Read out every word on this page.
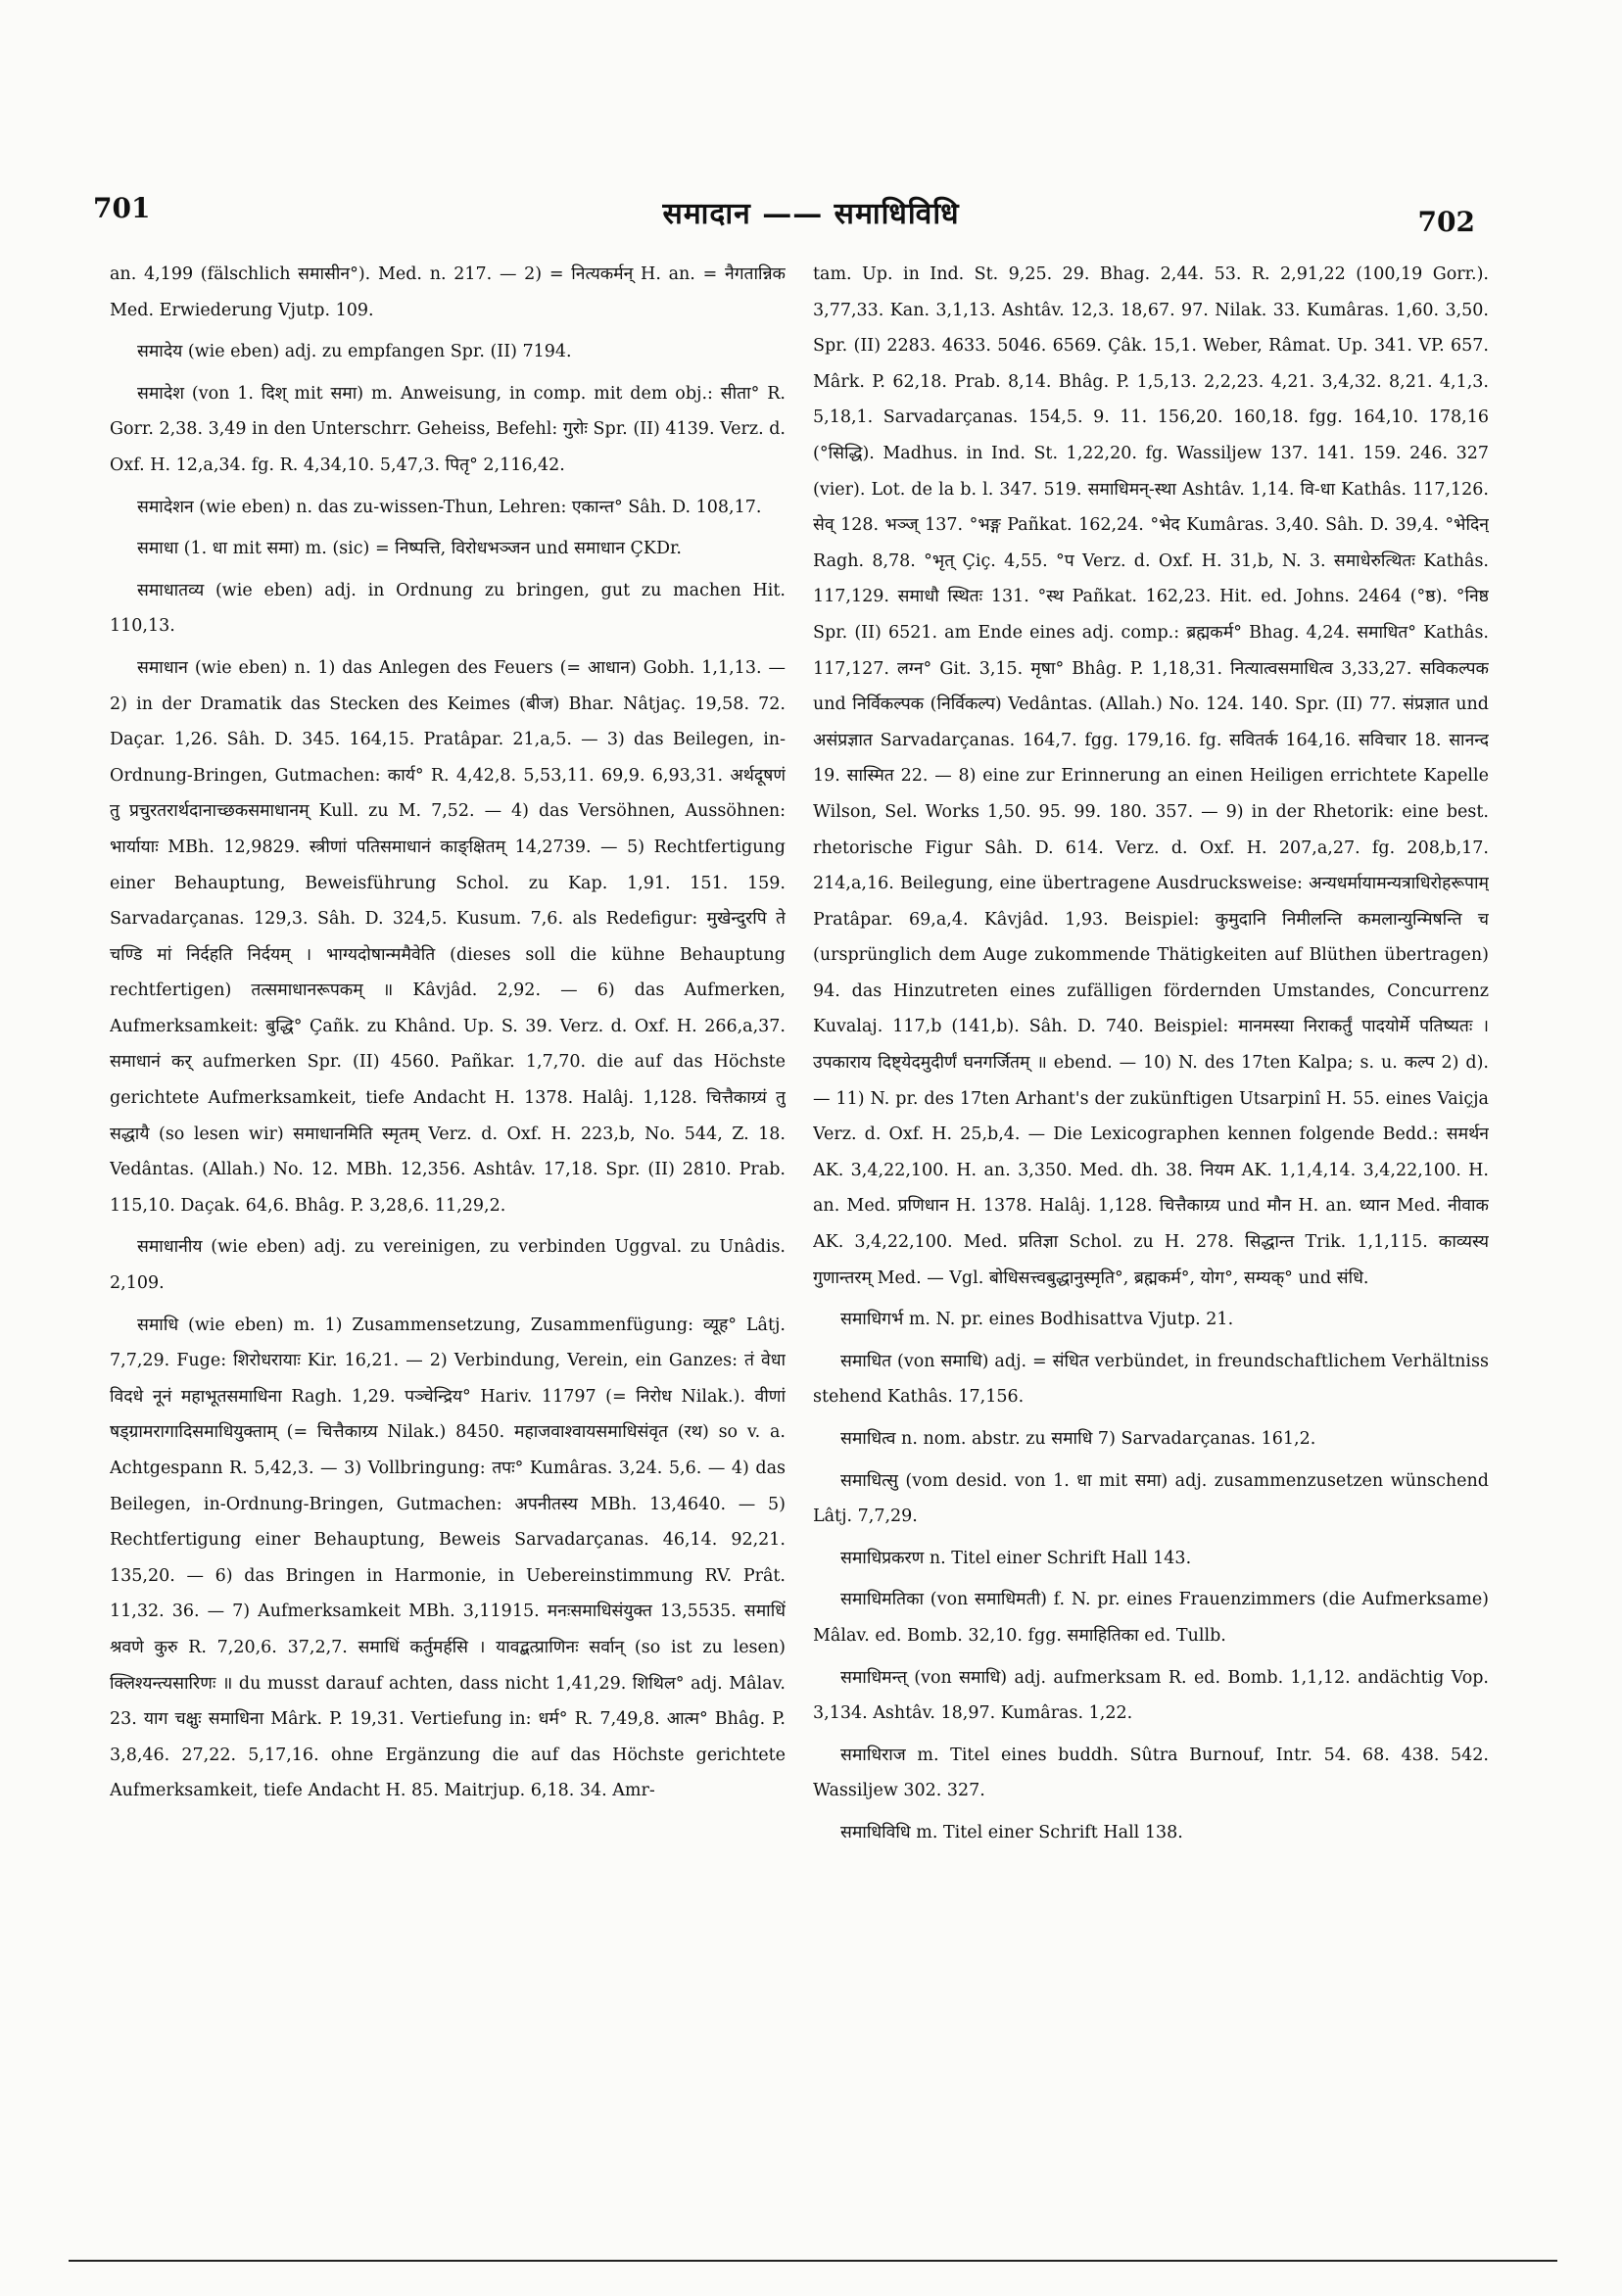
701	समादान —— समाधिविधि	702

an. 4,199 (fälschlich समासीन°). Med. n. 217. — 2) = नित्यकर्मन् H. an. = नैगतान्निक Med. Erwiederung Vjutp. 109.

समादेय (wie eben) adj. zu empfangen Spr. (II) 7194.

समादेश (von 1. दिश् mit समा) m. Anweisung, in comp. mit dem obj.: सीता° R. Gorr. 2,38. 3,49 in den Unterschrr. Geheiss, Befehl: गुरोः Spr. (II) 4139. Verz. d. Oxf. H. 12,a,34. fg. R. 4,34,10. 5,47,3. पितृ° 2,116,42.

समादेशन (wie eben) n. das zu-wissen-Thun, Lehren: एकान्त° Sâh. D. 108,17.

समाधा (1. धा mit समा) m. (sic) = निष्पत्ति, विरोधभञ्जन und समाधान ÇKDr.

समाधातव्य (wie eben) adj. in Ordnung zu bringen, gut zu machen Hit. 110,13.

समाधान (wie eben) n. 1) das Anlegen des Feuers (= आधान) Gobh. 1,1,13. — 2) in der Dramatik das Stecken des Keimes (बीज) Bhar. Nâtjaç. 19,58. 72. Daçar. 1,26. Sâh. D. 345. 164,15. Pratâpar. 21,a,5. — 3) das Beilegen, in-Ordnung-Bringen, Gutmachen: कार्य° R. 4,42,8. 5,53,11. 69,9. 6,93,31. अर्थदूषणं तु प्रचुरतरार्थदानाच्छकसमाधानम् Kull. zu M. 7,52. — 4) das Versöhnen, Aussöhnen: भार्यायाः MBh. 12,9829. स्त्रीणां पतिसमाधानं काङ्क्षितम् 14,2739. — 5) Rechtfertigung einer Behauptung, Beweisführung Schol. zu Kap. 1,91. 151. 159. Sarvadarçanas. 129,3. Sâh. D. 324,5. Kusum. 7,6. als Redefigur: मुखेन्दुरपि ते चण्डि मां निर्दहति निर्दयम् । भाग्यदोषान्ममैवेति (dieses soll die kühne Behauptung rechtfertigen) तत्समाधानरूपकम् ॥ Kâvjâd. 2,92. — 6) das Aufmerken, Aufmerksamkeit: बुद्धि° Çañk. zu Khând. Up. S. 39. Verz. d. Oxf. H. 266,a,37. समाधानं कर् aufmerken Spr. (II) 4560. Pañkar. 1,7,70. die auf das Höchste gerichtete Aufmerksamkeit, tiefe Andacht H. 1378. Halâj. 1,128. चित्तैकाग्र्यं तु सद्धायै (so lesen wir) समाधानमिति स्मृतम् Verz. d. Oxf. H. 223,b, No. 544, Z. 18. Vedântas. (Allah.) No. 12. MBh. 12,356. Ashtâv. 17,18. Spr. (II) 2810. Prab. 115,10. Daçak. 64,6. Bhâg. P. 3,28,6. 11,29,2.

समाधानीय (wie eben) adj. zu vereinigen, zu verbinden Uggval. zu Unâdis. 2,109.

समाधि (wie eben) m. 1) Zusammensetzung, Zusammenfügung: व्यूह° Lâtj. 7,7,29. Fuge: शिरोधरायाः Kir. 16,21. — 2) Verbindung, Verein, ein Ganzes: तं वेधा विदधे नूनं महाभूतसमाधिना Ragh. 1,29. पञ्चेन्द्रिय° Hariv. 11797 (= निरोध Nilak.). वीणां षड्ग्रामरागादिसमाधियुक्ताम् (= चित्तैकाग्र्य Nilak.) 8450. महाजवाश्वायसमाधिसंवृत (रथ) so v. a. Achtgespann R. 5,42,3. — 3) Vollbringung: तपः° Kumâras. 3,24. 5,6. — 4) das Beilegen, in-Ordnung-Bringen, Gutmachen: अपनीतस्य MBh. 13,4640. — 5) Rechtfertigung einer Behauptung, Beweis Sarvadarçanas. 46,14. 92,21. 135,20. — 6) das Bringen in Harmonie, in Uebereinstimmung RV. Prât. 11,32. 36. — 7) Aufmerksamkeit MBh. 3,11915. मनःसमाधिसंयुक्त 13,5535. समाधिं श्रवणे कुरु R. 7,20,6. 37,2,7. समाधिं कर्तुमर्हसि । यावद्बत्प्राणिनः सर्वान् (so ist zu lesen) क्लिश्यन्त्यसारिणः ॥ du musst darauf achten, dass nicht 1,41,29. शिथिल° adj. Mâlav. 23. याग चक्षुः समाधिना Mârk. P. 19,31. Vertiefung in: धर्म° R. 7,49,8. आत्म° Bhâg. P. 3,8,46. 27,22. 5,17,16. ohne Ergänzung die auf das Höchste gerichtete Aufmerksamkeit, tiefe Andacht H. 85. Maitrjup. 6,18. 34. Amr-

tam. Up. in Ind. St. 9,25. 29. Bhag. 2,44. 53. R. 2,91,22 (100,19 Gorr.). 3,77,33. Kan. 3,1,13. Ashtâv. 12,3. 18,67. 97. Nilak. 33. Kumâras. 1,60. 3,50. Spr. (II) 2283. 4633. 5046. 6569. Çâk. 15,1. Weber, Râmat. Up. 341. VP. 657. Mârk. P. 62,18. Prab. 8,14. Bhâg. P. 1,5,13. 2,2,23. 4,21. 3,4,32. 8,21. 4,1,3. 5,18,1. Sarvadarçanas. 154,5. 9. 11. 156,20. 160,18. fgg. 164,10. 178,16 (°सिद्धि). Madhus. in Ind. St. 1,22,20. fg. Wassiljew 137. 141. 159. 246. 327 (vier). Lot. de la b. l. 347. 519. समाधिमन्-स्था Ashtâv. 1,14. वि-धा Kathâs. 117,126. सेव् 128. भञ्ज् 137. °भङ्ग Pañkat. 162,24. °भेद Kumâras. 3,40. Sâh. D. 39,4. °भेदिन् Ragh. 8,78. °भृत् Çiç. 4,55. °प Verz. d. Oxf. H. 31,b, N. 3. समाधेरुत्थितः Kathâs. 117,129. समाधौ स्थितः 131. °स्थ Pañkat. 162,23. Hit. ed. Johns. 2464 (°ष्ठ). °निष्ठ Spr. (II) 6521. am Ende eines adj. comp.: ब्रह्मकर्म° Bhag. 4,24. समाधित° Kathâs. 117,127. लग्न° Git. 3,15. मृषा° Bhâg. P. 1,18,31. नित्यात्वसमाधित्व 3,33,27. सविकल्पक und निर्विकल्पक (निर्विकल्प) Vedântas. (Allah.) No. 124. 140. Spr. (II) 77. संप्रज्ञात und असंप्रज्ञात Sarvadarçanas. 164,7. fgg. 179,16. fg. सवितर्क 164,16. सविचार 18. सानन्द 19. सास्मित 22. — 8) eine zur Erinnerung an einen Heiligen errichtete Kapelle Wilson, Sel. Works 1,50. 95. 99. 180. 357. — 9) in der Rhetorik: eine best. rhetorische Figur Sâh. D. 614. Verz. d. Oxf. H. 207,a,27. fg. 208,b,17. 214,a,16. Beilegung, eine übertragene Ausdrucksweise: अन्यधर्मायामन्यत्राधिरोहरूपाम् Pratâpar. 69,a,4. Kâvjâd. 1,93. Beispiel: कुमुदानि निमीलन्ति कमलान्युन्मिषन्ति च (ursprünglich dem Auge zukommende Thätigkeiten auf Blüthen übertragen) 94. das Hinzutreten eines zufälligen fördernden Umstandes, Concurrenz Kuvalaj. 117,b (141,b). Sâh. D. 740. Beispiel: मानमस्या निराकर्तुं पादयोर्मे पतिष्यतः । उपकाराय दिष्ट्येदमुदीर्णं घनगर्जितम् ॥ ebend. — 10) N. des 17ten Kalpa; s. u. कल्प 2) d). — 11) N. pr. des 17ten Arhant's der zukünftigen Utsarpinî H. 55. eines Vaiçja Verz. d. Oxf. H. 25,b,4. — Die Lexicographen kennen folgende Bedd.: समर्थन AK. 3,4,22,100. H. an. 3,350. Med. dh. 38. नियम AK. 1,1,4,14. 3,4,22,100. H. an. Med. प्रणिधान H. 1378. Halâj. 1,128. चित्तैकाग्र्य und मौन H. an. ध्यान Med. नीवाक AK. 3,4,22,100. Med. प्रतिज्ञा Schol. zu H. 278. सिद्धान्त Trik. 1,1,115. काव्यस्य गुणान्तरम् Med. — Vgl. बोधिसत्त्वबुद्धानुस्मृति°, ब्रह्मकर्म°, योग°, सम्यक्° und संधि.

समाधिगर्भ m. N. pr. eines Bodhisattva Vjutp. 21.

समाधित (von समाधि) adj. = संधित verbündet, in freundschaftlichem Verhältniss stehend Kathâs. 17,156.

समाधित्व n. nom. abstr. zu समाधि 7) Sarvadarçanas. 161,2.

समाधित्सु (vom desid. von 1. धा mit समा) adj. zusammenzusetzen wünschend Lâtj. 7,7,29.

समाधिप्रकरण n. Titel einer Schrift Hall 143.

समाधिमतिका (von समाधिमती) f. N. pr. eines Frauenzimmers (die Aufmerksame) Mâlav. ed. Bomb. 32,10. fgg. समाहितिका ed. Tullb.

समाधिमन्त् (von समाधि) adj. aufmerksam R. ed. Bomb. 1,1,12. andächtig Vop. 3,134. Ashtâv. 18,97. Kumâras. 1,22.

समाधिराज m. Titel eines buddh. Sûtra Burnouf, Intr. 54. 68. 438. 542. Wassiljew 302. 327.

समाधिविधि m. Titel einer Schrift Hall 138.
